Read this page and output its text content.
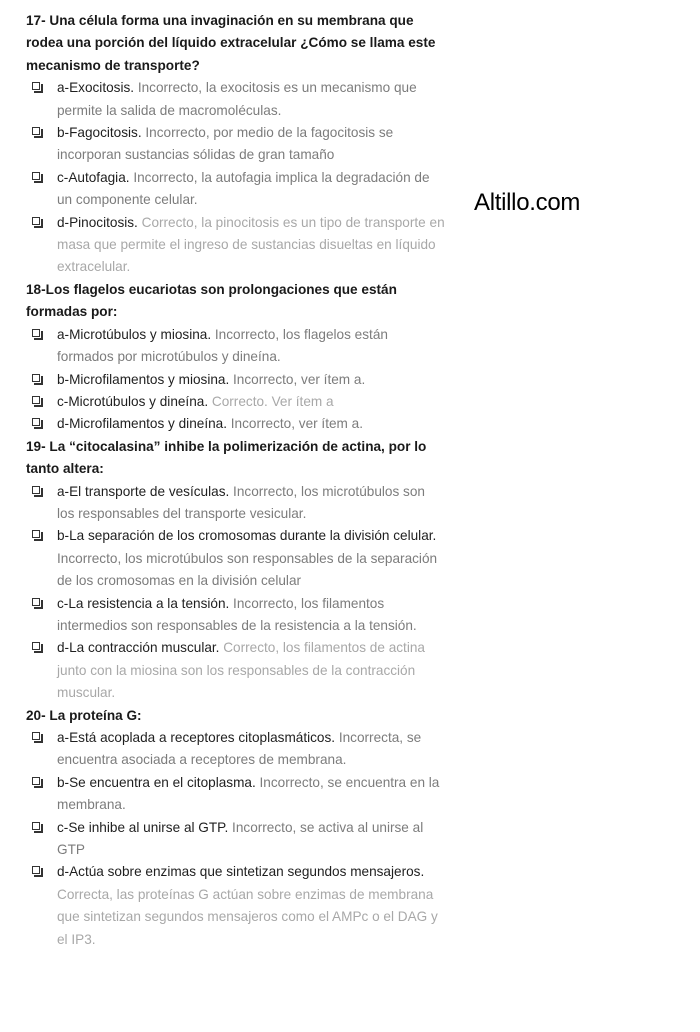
17- Una célula forma una invaginación en su membrana que rodea una porción del líquido extracelular ¿Cómo se llama este mecanismo de transporte?
a-Exocitosis. Incorrecto, la exocitosis es un mecanismo que permite la salida de macromoléculas.
b-Fagocitosis. Incorrecto, por medio de la fagocitosis se incorporan sustancias sólidas de gran tamaño
c-Autofagia. Incorrecto, la autofagia implica la degradación de un componente celular.
d-Pinocitosis. Correcto, la pinocitosis es un tipo de transporte en masa que permite el ingreso de sustancias disueltas en líquido extracelular.
18-Los flagelos eucariotas son prolongaciones que están formadas por:
a-Microtúbulos y miosina. Incorrecto, los flagelos están formados por microtúbulos y dineína.
b-Microfilamentos y miosina. Incorrecto, ver ítem a.
c-Microtúbulos y dineína. Correcto. Ver ítem a
d-Microfilamentos y dineína. Incorrecto, ver ítem a.
19- La “citocalasina” inhibe la polimerización de actina, por lo tanto altera:
a-El transporte de vesículas. Incorrecto, los microtúbulos son los responsables del transporte vesicular.
b-La separación de los cromosomas durante la división celular. Incorrecto, los microtúbulos son responsables de la separación de los cromosomas en la división celular
c-La resistencia a la tensión. Incorrecto, los filamentos intermedios son responsables de la resistencia a la tensión.
d-La contracción muscular. Correcto, los filamentos de actina junto con la miosina son los responsables de la contracción muscular.
20- La proteína G:
a-Está acoplada a receptores citoplasmáticos. Incorrecta, se encuentra asociada a receptores de membrana.
b-Se encuentra en el citoplasma. Incorrecto, se encuentra en la membrana.
c-Se inhibe al unirse al GTP. Incorrecto, se activa al unirse al GTP
d-Actúa sobre enzimas que sintetizan segundos mensajeros. Correcta, las proteínas G actúan sobre enzimas de membrana que sintetizan segundos mensajeros como el AMPc o el DAG y el IP3.
Altillo.com
